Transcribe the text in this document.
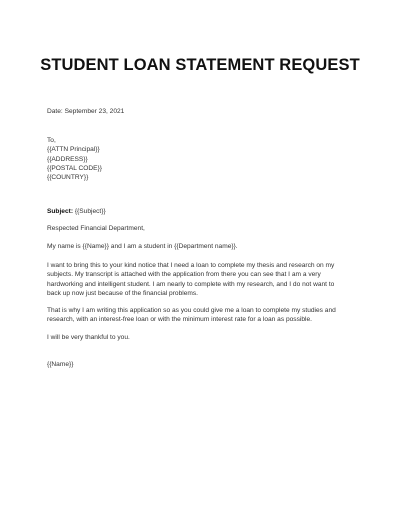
STUDENT LOAN STATEMENT REQUEST
Date: September 23, 2021
To,
{{ATTN Principal}}
{{ADDRESS}}
{{POSTAL CODE}}
{{COUNTRY}}
Subject: {{Subject}}
Respected Financial Department,
My name is {{Name}} and I am a student in {{Department name}}.
I want to bring this to your kind notice that I need a loan to complete my thesis and research on my subjects. My transcript is attached with the application from there you can see that I am a very hardworking and intelligent student. I am nearly to complete with my research, and I do not want to back up now just because of the financial problems.
That is why I am writing this application so as you could give me a loan to complete my studies and research, with an interest-free loan or with the minimum interest rate for a loan as possible.
I will be very thankful to you.
{{Name}}
